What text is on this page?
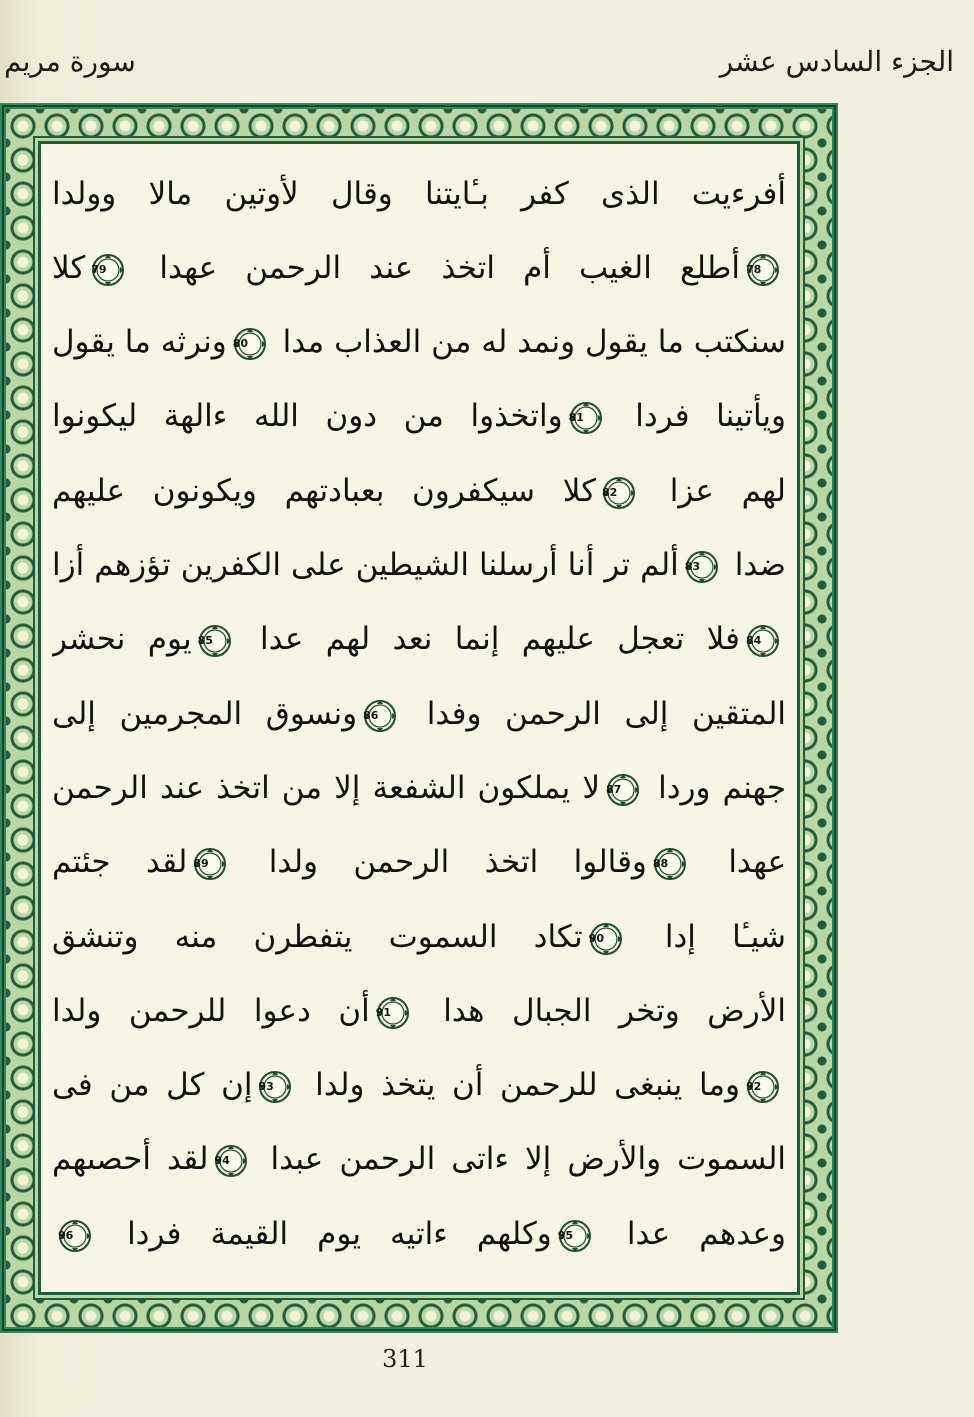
الجزء السادس عشر
سورة مريم
أفرءيت الذى كفر بـٔايتنا وقال لأوتين مالا وولدا
78
أطلع الغيب أم اتخذ عند الرحمن عهدا
79
كلا
سنكتب ما يقول ونمد له من العذاب مدا
80
ونرثه ما يقول
ويأتينا فردا
81
واتخذوا من دون الله ءالهة ليكونوا
لهم عزا
82
كلا سيكفرون بعبادتهم ويكونون عليهم
ضدا
83
ألم تر أنا أرسلنا الشيطين على الكفرين تؤزهم أزا
84
فلا تعجل عليهم إنما نعد لهم عدا
85
يوم نحشر
المتقين إلى الرحمن وفدا
86
ونسوق المجرمين إلى
جهنم وردا
87
لا يملكون الشفعة إلا من اتخذ عند الرحمن
عهدا
88
وقالوا اتخذ الرحمن ولدا
89
لقد جئتم
شيـٔا إدا
90
تكاد السموت يتفطرن منه وتنشق
الأرض وتخر الجبال هدا
91
أن دعوا للرحمن ولدا
92
وما ينبغى للرحمن أن يتخذ ولدا
93
إن كل من فى
السموت والأرض إلا ءاتى الرحمن عبدا
94
لقد أحصىهم
وعدهم عدا
95
وكلهم ءاتيه يوم القيمة فردا
96
311
